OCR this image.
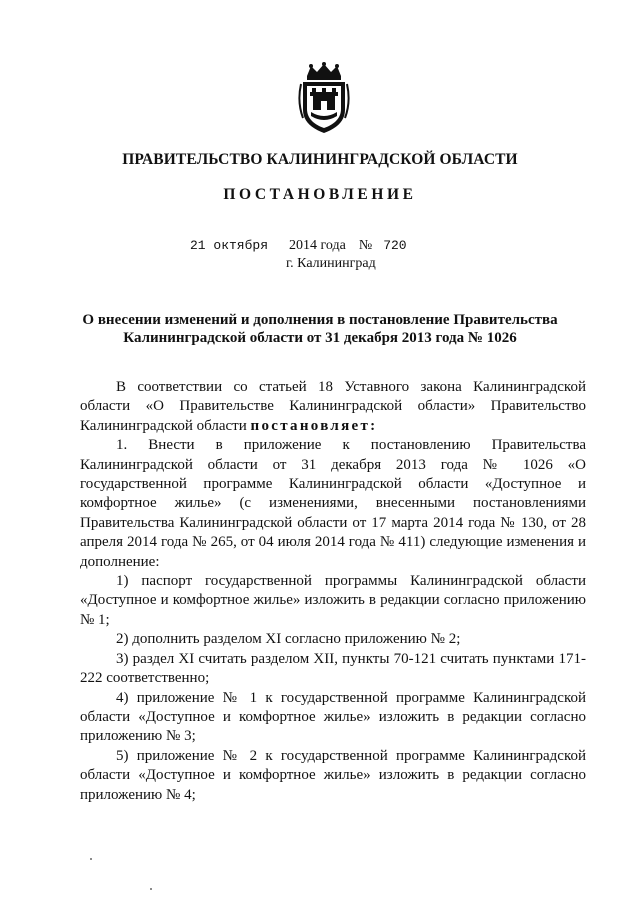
ПРАВИТЕЛЬСТВО КАЛИНИНГРАДСКОЙ ОБЛАСТИ
ПОСТАНОВЛЕНИЕ
21 октября 2014 года № 720
г. Калининград
О внесении изменений и дополнения в постановление Правительства
Калининградской области от 31 декабря 2013 года № 1026

В соответствии со статьей 18 Уставного закона Калининградской области «О Правительстве Калининградской области» Правительство Калининградской области постановляет:

1. Внести в приложение к постановлению Правительства Калининградской области от 31 декабря 2013 года № 1026 «О государственной программе Калининградской области «Доступное и комфортное жилье» (с изменениями, внесенными постановлениями Правительства Калининградской области от 17 марта 2014 года № 130, от 28 апреля 2014 года № 265, от 04 июля 2014 года № 411) следующие изменения и дополнение:

1) паспорт государственной программы Калининградской области «Доступное и комфортное жилье» изложить в редакции согласно приложению № 1;

2) дополнить разделом XI согласно приложению № 2;

3) раздел XI считать разделом XII, пункты 70-121 считать пунктами 171-222 соответственно;

4) приложение № 1 к государственной программе Калининградской области «Доступное и комфортное жилье» изложить в редакции согласно приложению № 3;

5) приложение № 2 к государственной программе Калининградской области «Доступное и комфортное жилье» изложить в редакции согласно приложению № 4;
